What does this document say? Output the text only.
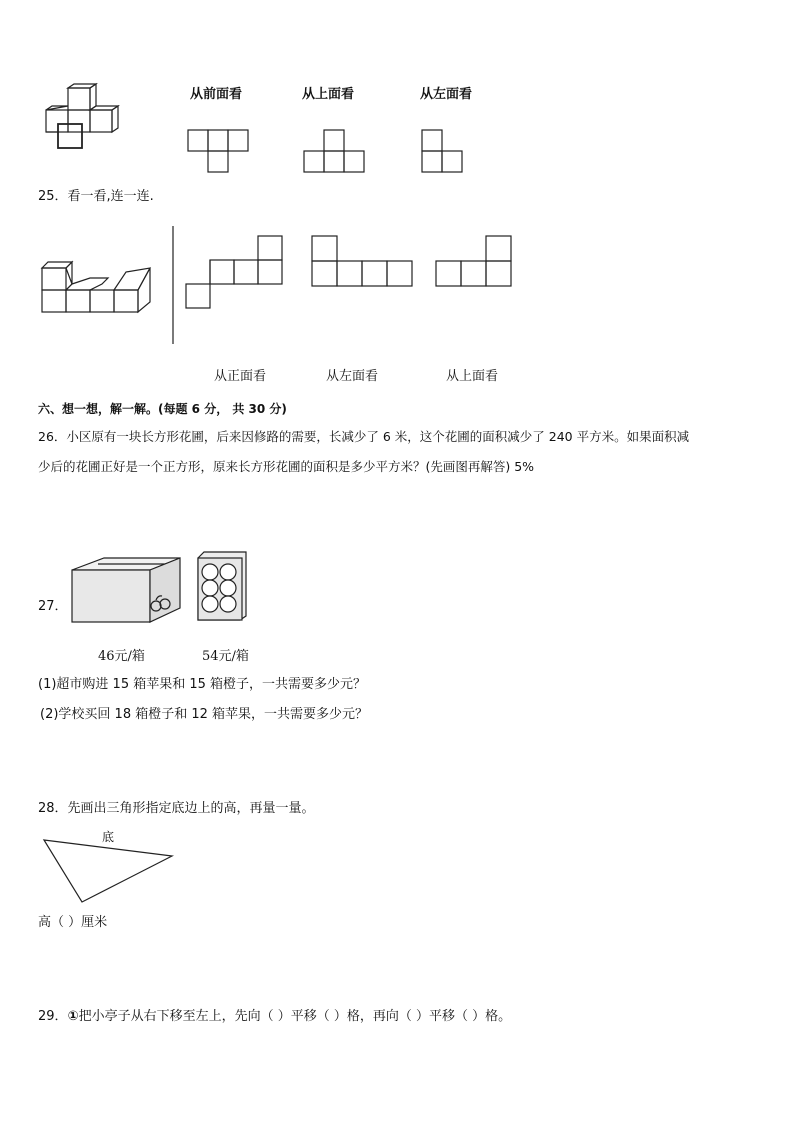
从前面看	从上面看	从左面看
25．看一看,连一连.
从正面看	从左面看	从上面看
六、想一想，解一解。(每题 6 分， 共 30 分)
26．小区原有一块长方形花圃，后来因修路的需要，长减少了 6 米，这个花圃的面积减少了 240 平方米。如果面积减
少后的花圃正好是一个正方形，原来长方形花圃的面积是多少平方米？(先画图再解答) 5%
27．
46元/箱	54元/箱
(1)超市购进 15 箱苹果和 15 箱橙子，一共需要多少元？
(2)学校买回 18 箱橙子和 12 箱苹果，一共需要多少元？
28．先画出三角形指定底边上的高，再量一量。
底
高（ ）厘米
29．①把小亭子从右下移至左上，先向（ ）平移（ ）格，再向（ ）平移（ ）格。
